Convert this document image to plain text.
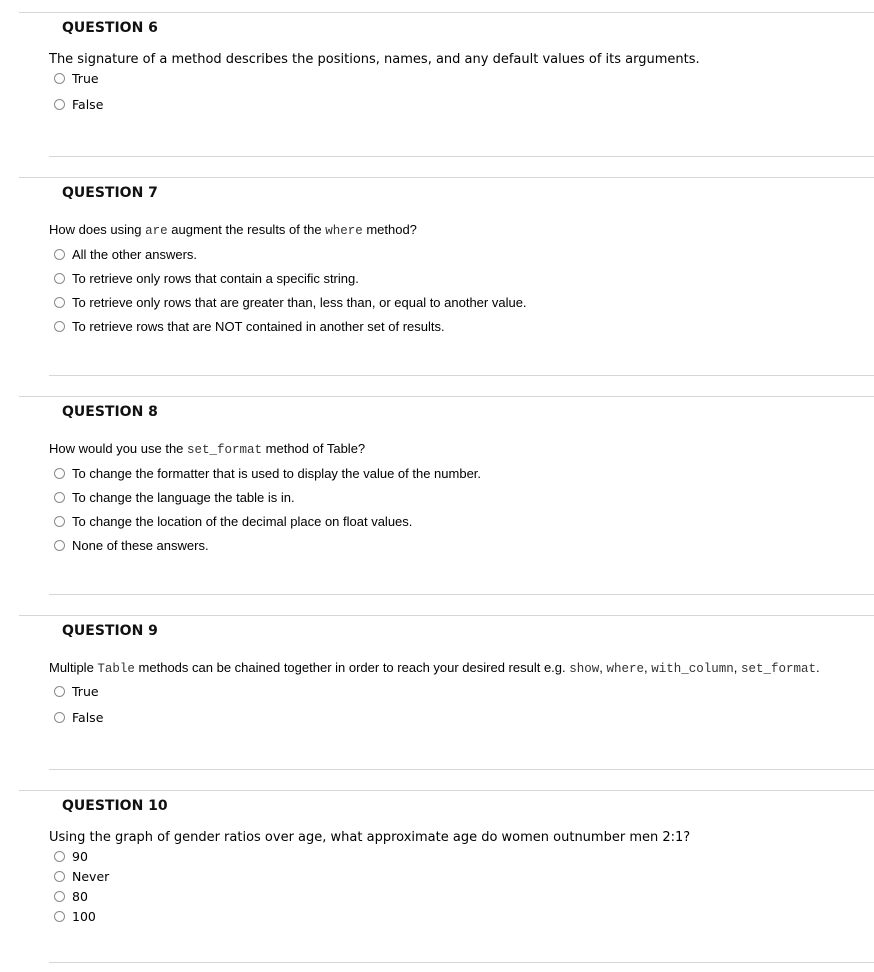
QUESTION 6
The signature of a method describes the positions, names, and any default values of its arguments.
True
False
QUESTION 7
How does using are augment the results of the where method?
All the other answers.
To retrieve only rows that contain a specific string.
To retrieve only rows that are greater than, less than, or equal to another value.
To retrieve rows that are NOT contained in another set of results.
QUESTION 8
How would you use the set_format method of Table?
To change the formatter that is used to display the value of the number.
To change the language the table is in.
To change the location of the decimal place on float values.
None of these answers.
QUESTION 9
Multiple Table methods can be chained together in order to reach your desired result e.g. show, where, with_column, set_format.
True
False
QUESTION 10
Using the graph of gender ratios over age, what approximate age do women outnumber men 2:1?
90
Never
80
100
